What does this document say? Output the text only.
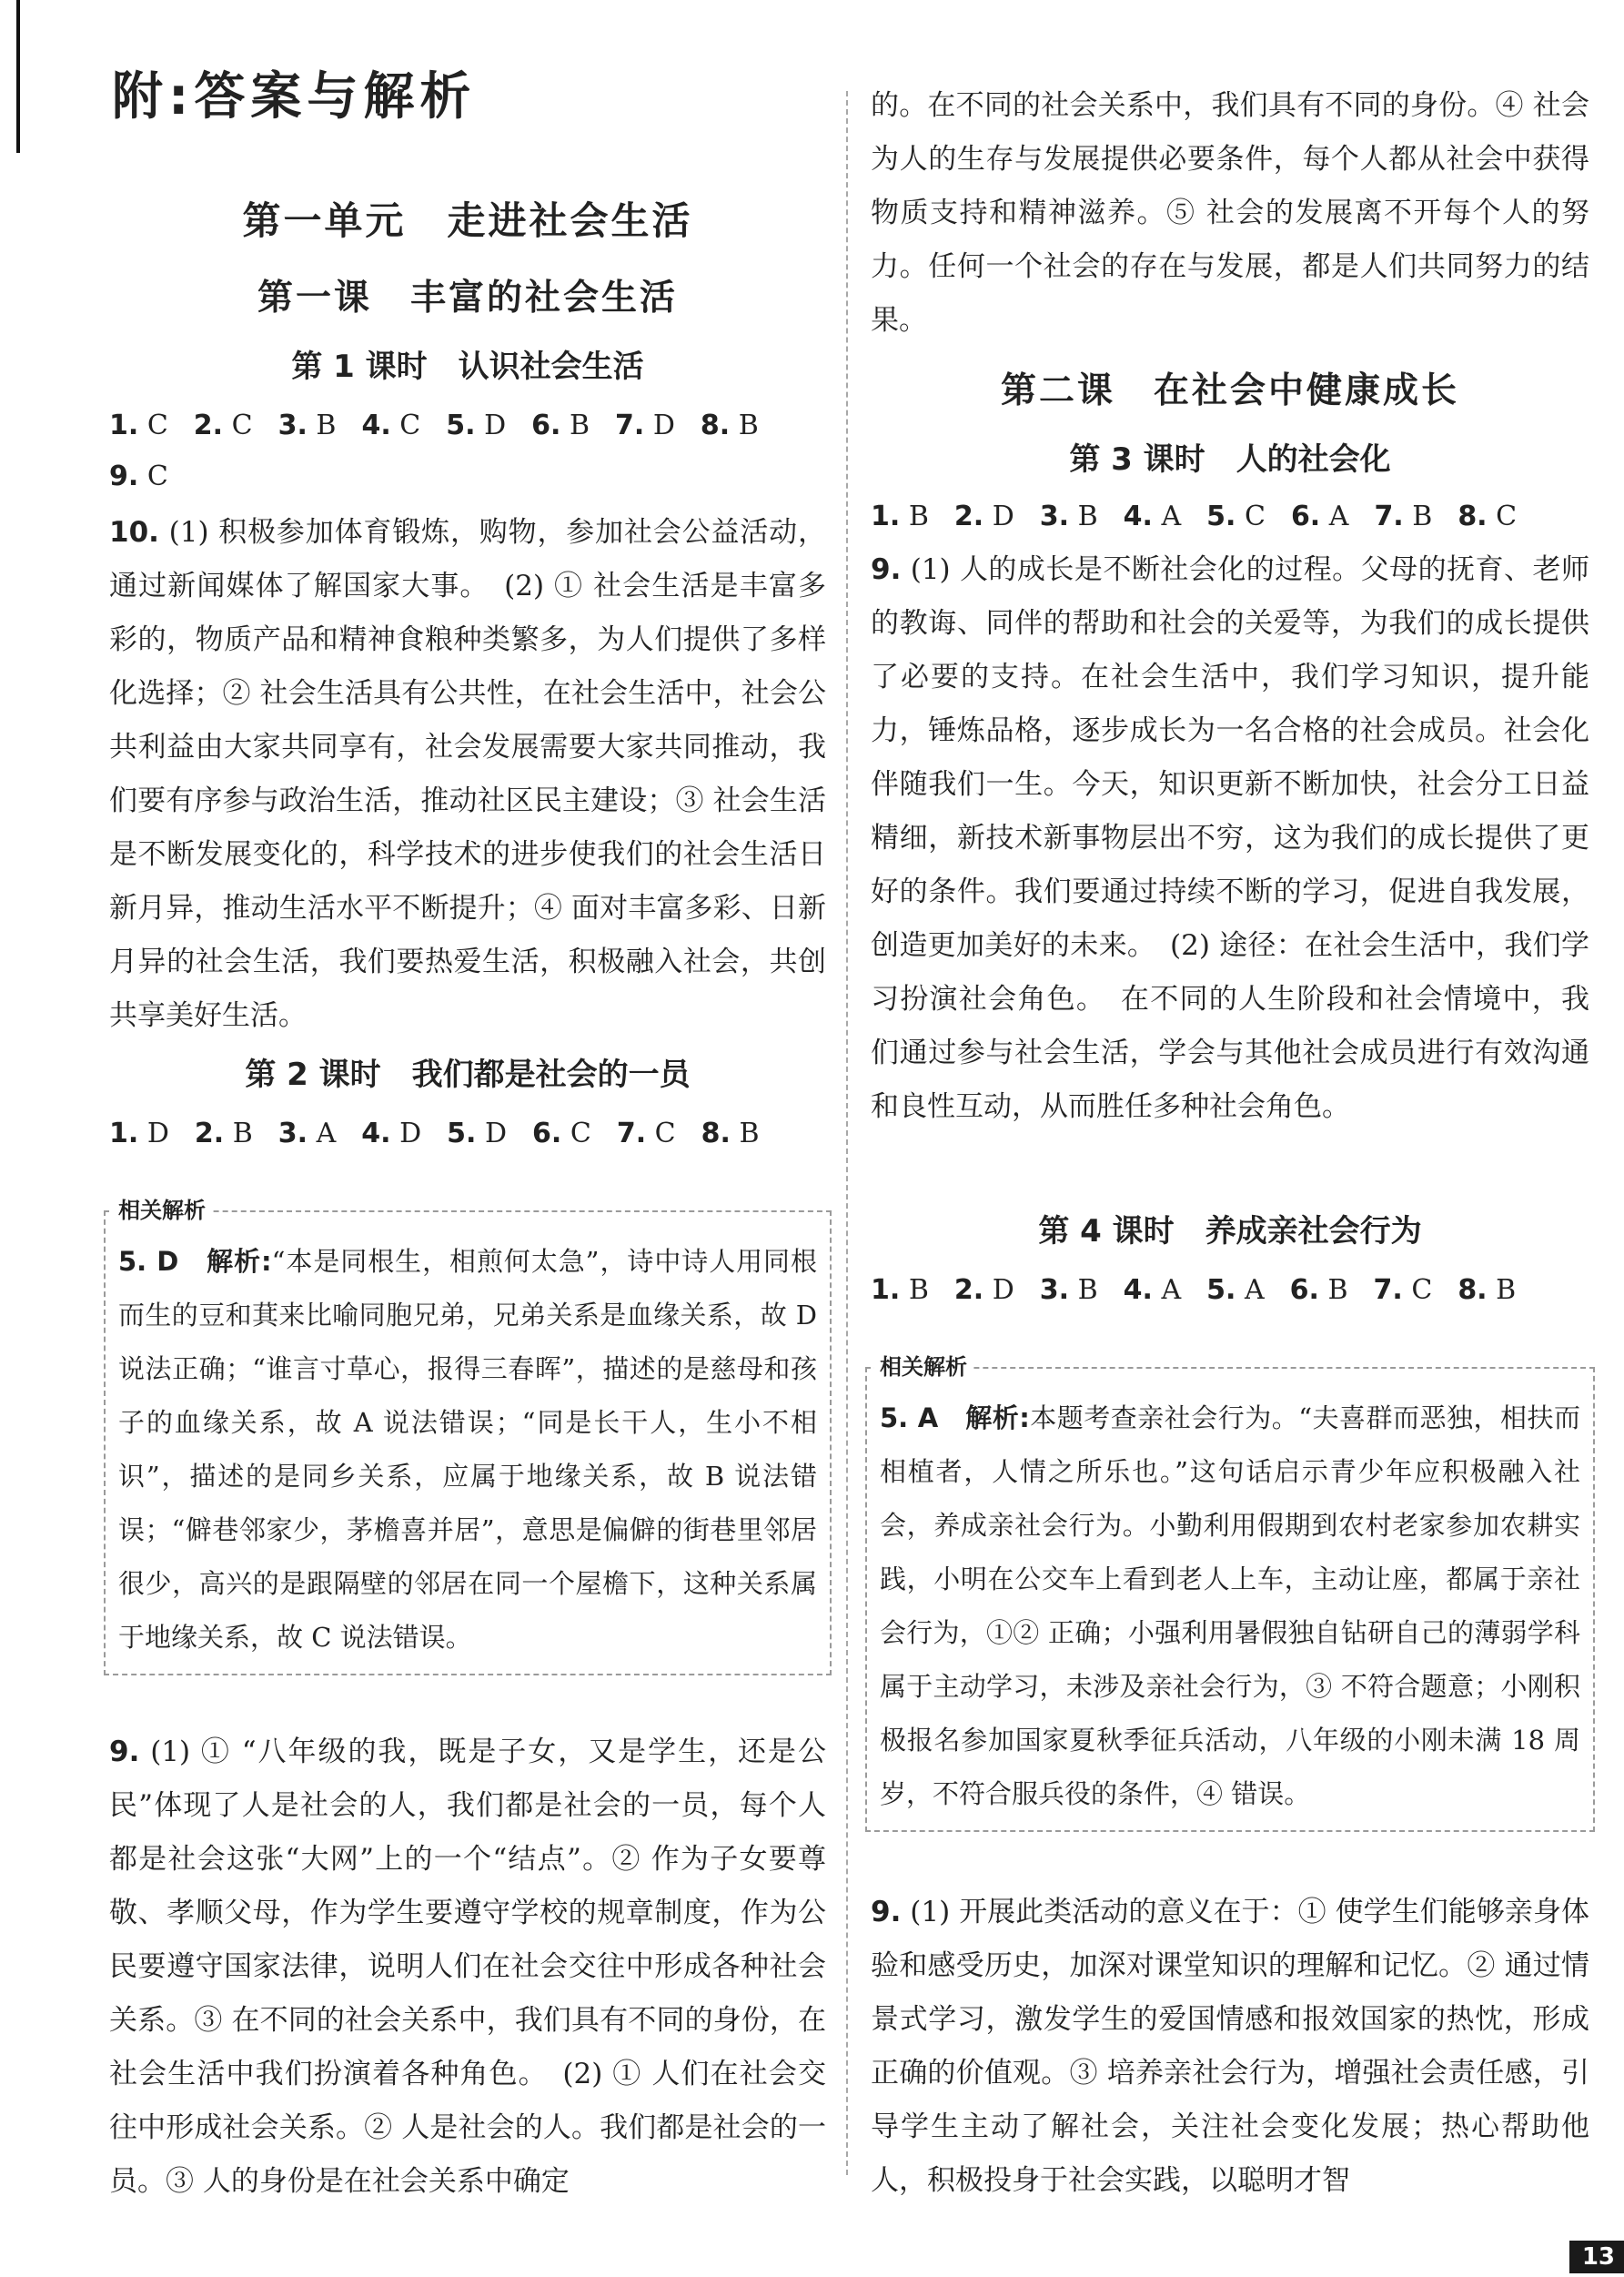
附:答案与解析
第一单元　走进社会生活
第一课　丰富的社会生活
第 1 课时　认识社会生活
1. C 2. C 3. B 4. C 5. D 6. B 7. D 8. B
9. C

10. (1) 积极参加体育锻炼，购物，参加社会公益活动，通过新闻媒体了解国家大事。　(2) ① 社会生活是丰富多彩的，物质产品和精神食粮种类繁多，为人们提供了多样化选择；② 社会生活具有公共性，在社会生活中，社会公共利益由大家共同享有，社会发展需要大家共同推动，我们要有序参与政治生活，推动社区民主建设；③ 社会生活是不断发展变化的，科学技术的进步使我们的社会生活日新月异，推动生活水平不断提升；④ 面对丰富多彩、日新月异的社会生活，我们要热爱生活，积极融入社会，共创共享美好生活。

第 2 课时　我们都是社会的一员
1. D 2. B 3. A 4. D 5. D 6. C 7. C 8. B
相关解析

5. D　解析:“本是同根生，相煎何太急”，诗中诗人用同根而生的豆和萁来比喻同胞兄弟，兄弟关系是血缘关系，故 D 说法正确；“谁言寸草心，报得三春晖”，描述的是慈母和孩子的血缘关系，故 A 说法错误；“同是长干人，生小不相识”，描述的是同乡关系，应属于地缘关系，故 B 说法错误；“僻巷邻家少，茅檐喜并居”，意思是偏僻的街巷里邻居很少，高兴的是跟隔壁的邻居在同一个屋檐下，这种关系属于地缘关系，故 C 说法错误。

9. (1) ① “八年级的我，既是子女，又是学生，还是公民”体现了人是社会的人，我们都是社会的一员，每个人都是社会这张“大网”上的一个“结点”。② 作为子女要尊敬、孝顺父母，作为学生要遵守学校的规章制度，作为公民要遵守国家法律，说明人们在社会交往中形成各种社会关系。③ 在不同的社会关系中，我们具有不同的身份，在社会生活中我们扮演着各种角色。　(2) ① 人们在社会交往中形成社会关系。② 人是社会的人。我们都是社会的一员。③ 人的身份是在社会关系中确定

的。在不同的社会关系中，我们具有不同的身份。④ 社会为人的生存与发展提供必要条件，每个人都从社会中获得物质支持和精神滋养。⑤ 社会的发展离不开每个人的努力。任何一个社会的存在与发展，都是人们共同努力的结果。

第二课　在社会中健康成长
第 3 课时　人的社会化
1. B 2. D 3. B 4. A 5. C 6. A 7. B 8. C

9. (1) 人的成长是不断社会化的过程。父母的抚育、老师的教诲、同伴的帮助和社会的关爱等，为我们的成长提供了必要的支持。在社会生活中，我们学习知识，提升能力，锤炼品格，逐步成长为一名合格的社会成员。社会化伴随我们一生。今天，知识更新不断加快，社会分工日益精细，新技术新事物层出不穷，这为我们的成长提供了更好的条件。我们要通过持续不断的学习，促进自我发展，创造更加美好的未来。　(2) 途径：在社会生活中，我们学习扮演社会角色。　在不同的人生阶段和社会情境中，我们通过参与社会生活，学会与其他社会成员进行有效沟通和良性互动，从而胜任多种社会角色。

第 4 课时　养成亲社会行为
1. B 2. D 3. B 4. A 5. A 6. B 7. C 8. B
相关解析

5. A　解析:本题考查亲社会行为。“夫喜群而恶独，相扶而相植者，人情之所乐也。”这句话启示青少年应积极融入社会，养成亲社会行为。小勤利用假期到农村老家参加农耕实践，小明在公交车上看到老人上车，主动让座，都属于亲社会行为，①② 正确；小强利用暑假独自钻研自己的薄弱学科属于主动学习，未涉及亲社会行为，③ 不符合题意；小刚积极报名参加国家夏秋季征兵活动，八年级的小刚未满 18 周岁，不符合服兵役的条件，④ 错误。

9. (1) 开展此类活动的意义在于：① 使学生们能够亲身体验和感受历史，加深对课堂知识的理解和记忆。② 通过情景式学习，激发学生的爱国情感和报效国家的热忱，形成正确的价值观。③ 培养亲社会行为，增强社会责任感，引导学生主动了解社会，关注社会变化发展；热心帮助他人，积极投身于社会实践，以聪明才智

13
